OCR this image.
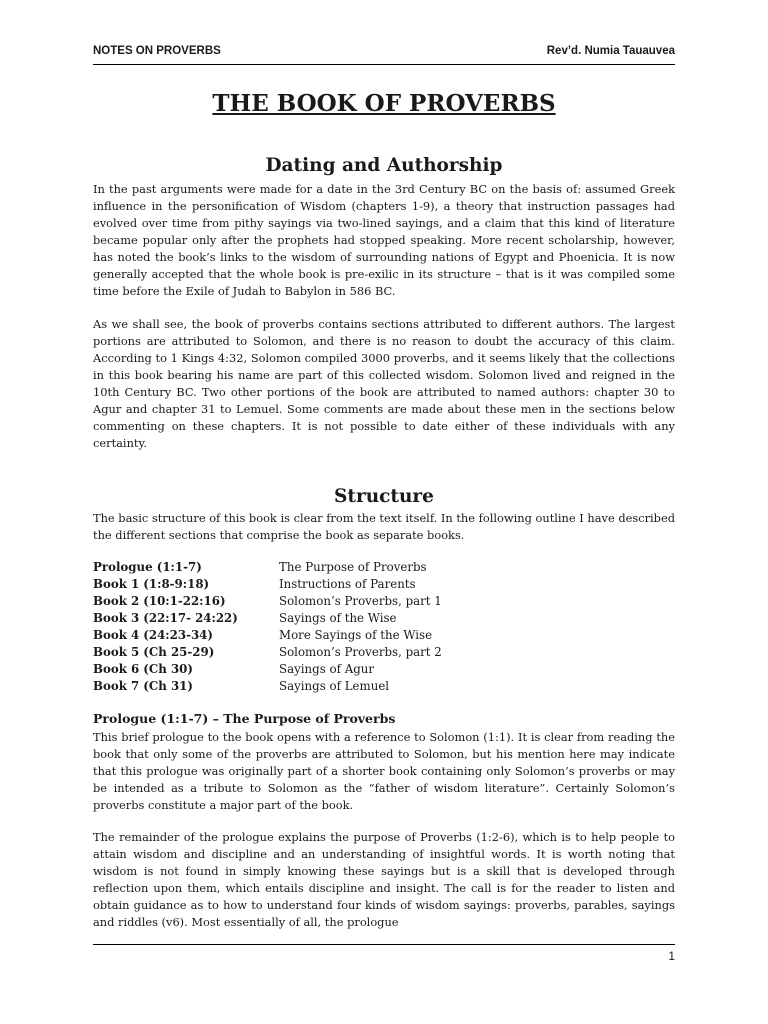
NOTES ON PROVERBS	Rev’d. Numia Tauauvea
THE BOOK OF PROVERBS
Dating and Authorship

In the past arguments were made for a date in the 3rd Century BC on the basis of: assumed Greek influence in the personification of Wisdom (chapters 1-9), a theory that instruction passages had evolved over time from pithy sayings via two-lined sayings, and a claim that this kind of literature became popular only after the prophets had stopped speaking. More recent scholarship, however, has noted the book’s links to the wisdom of surrounding nations of Egypt and Phoenicia. It is now generally accepted that the whole book is pre-exilic in its structure – that is it was compiled some time before the Exile of Judah to Babylon in 586 BC.

As we shall see, the book of proverbs contains sections attributed to different authors. The largest portions are attributed to Solomon, and there is no reason to doubt the accuracy of this claim. According to 1 Kings 4:32, Solomon compiled 3000 proverbs, and it seems likely that the collections in this book bearing his name are part of this collected wisdom. Solomon lived and reigned in the 10th Century BC. Two other portions of the book are attributed to named authors: chapter 30 to Agur and chapter 31 to Lemuel. Some comments are made about these men in the sections below commenting on these chapters. It is not possible to date either of these individuals with any certainty.

Structure

The basic structure of this book is clear from the text itself. In the following outline I have described the different sections that comprise the book as separate books.

Prologue (1:1-7)	The Purpose of Proverbs
Book 1 (1:8-9:18)	Instructions of Parents
Book 2 (10:1-22:16)	Solomon’s Proverbs, part 1
Book 3 (22:17- 24:22)	Sayings of the Wise
Book 4 (24:23-34)	More Sayings of the Wise
Book 5 (Ch 25-29)	Solomon’s Proverbs, part 2
Book 6 (Ch 30)	Sayings of Agur
Book 7 (Ch 31)	Sayings of Lemuel
Prologue (1:1-7) – The Purpose of Proverbs

This brief prologue to the book opens with a reference to Solomon (1:1). It is clear from reading the book that only some of the proverbs are attributed to Solomon, but his mention here may indicate that this prologue was originally part of a shorter book containing only Solomon’s proverbs or may be intended as a tribute to Solomon as the “father of wisdom literature”. Certainly Solomon’s proverbs constitute a major part of the book.

The remainder of the prologue explains the purpose of Proverbs (1:2-6), which is to help people to attain wisdom and discipline and an understanding of insightful words. It is worth noting that wisdom is not found in simply knowing these sayings but is a skill that is developed through reflection upon them, which entails discipline and insight. The call is for the reader to listen and obtain guidance as to how to understand four kinds of wisdom sayings: proverbs, parables, sayings and riddles (v6). Most essentially of all, the prologue

1
